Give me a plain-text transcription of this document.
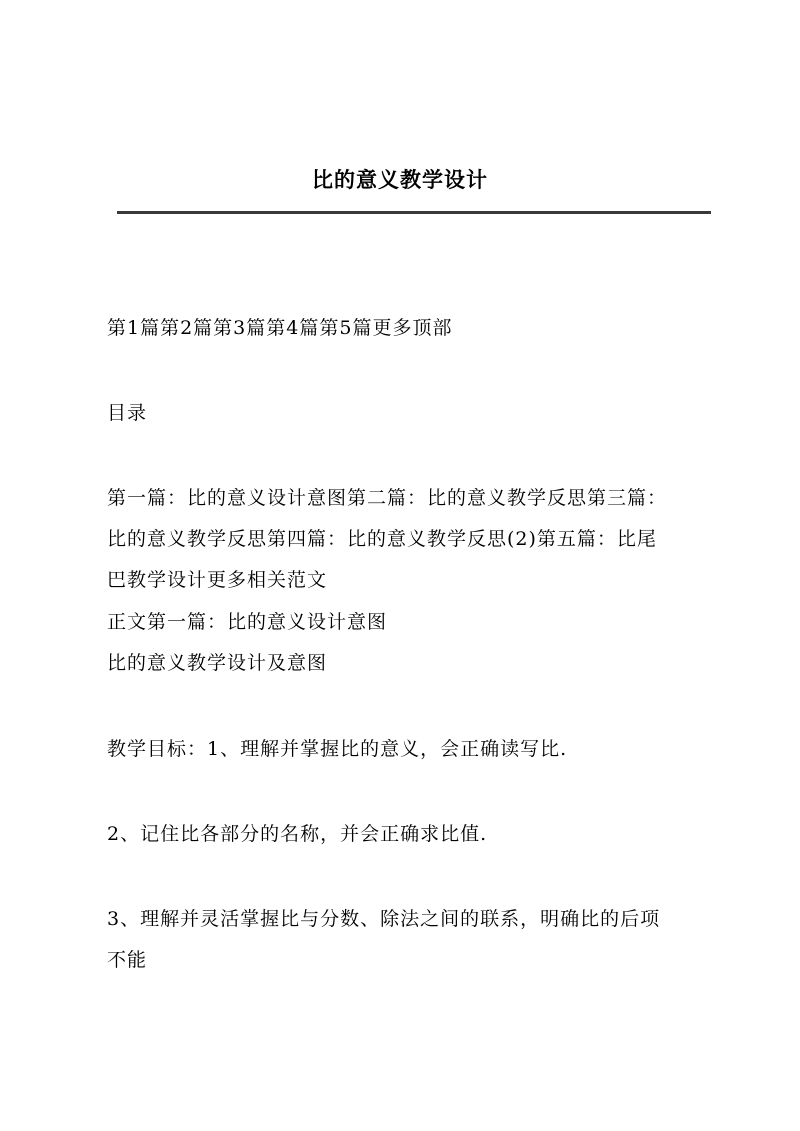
比的意义教学设计
第1篇第2篇第3篇第4篇第5篇更多顶部
目录
第一篇：比的意义设计意图第二篇：比的意义教学反思第三篇：
比的意义教学反思第四篇：比的意义教学反思(2)第五篇：比尾
巴教学设计更多相关范文
正文第一篇：比的意义设计意图
比的意义教学设计及意图
教学目标：1、理解并掌握比的意义，会正确读写比.
2、记住比各部分的名称，并会正确求比值.
3、理解并灵活掌握比与分数、除法之间的联系，明确比的后项
不能
